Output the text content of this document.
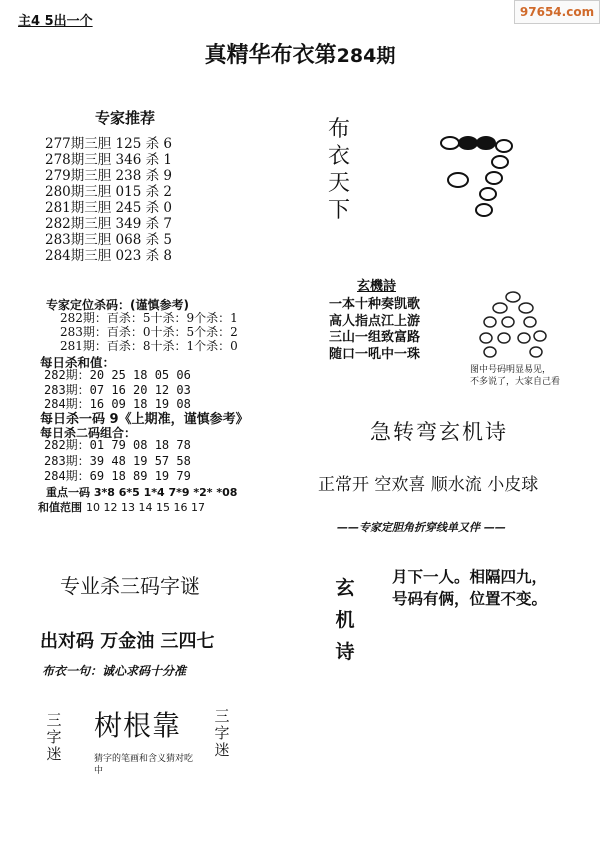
主4 5出一个
97654.com
真精华布衣第284期
专家推荐
277期三胆 125 杀 6
278期三胆 346 杀 1
279期三胆 238 杀 9
280期三胆 015 杀 2
281期三胆 245 杀 0
282期三胆 349 杀 7
283期三胆 068 杀 5
284期三胆 023 杀 8
专家定位杀码：(谨慎参考)
282期：百杀：5十杀：9个杀：1
283期：百杀：0十杀：5个杀：2
281期：百杀：8十杀：1个杀：0
每日杀和值：
282期：20 25 18 05 06
283期：07 16 20 12 03
284期：16 09 18 19 08
每日杀一码 9《上期准，谨慎参考》
每日杀二码组合：
282期：01 79 08 18 78
283期：39 48 19 57 58
284期：69 18 89 19 79
重点一码 3*8 6*5 1*4 7*9 *2* *08
和值范围 10 12 13 14 15 16 17
专业杀三码字谜
出对码 万金油 三四七
布衣一句：诚心求码十分准
三字迷
树根靠 三字迷
猜字的笔画和含义猜对吃中
布衣天下
玄機詩
一本十种奏凯歌
高人指点江上游
三山一组致富路
随口一吼中一珠
图中号码明显易见，
不多说了，大家自己看
急转弯玄机诗
正常开 空欢喜 顺水流 小皮球
——专家定胆角折穿线单又伴 ——
玄机诗
月下一人。相隔四九，
号码有俩，位置不变。
